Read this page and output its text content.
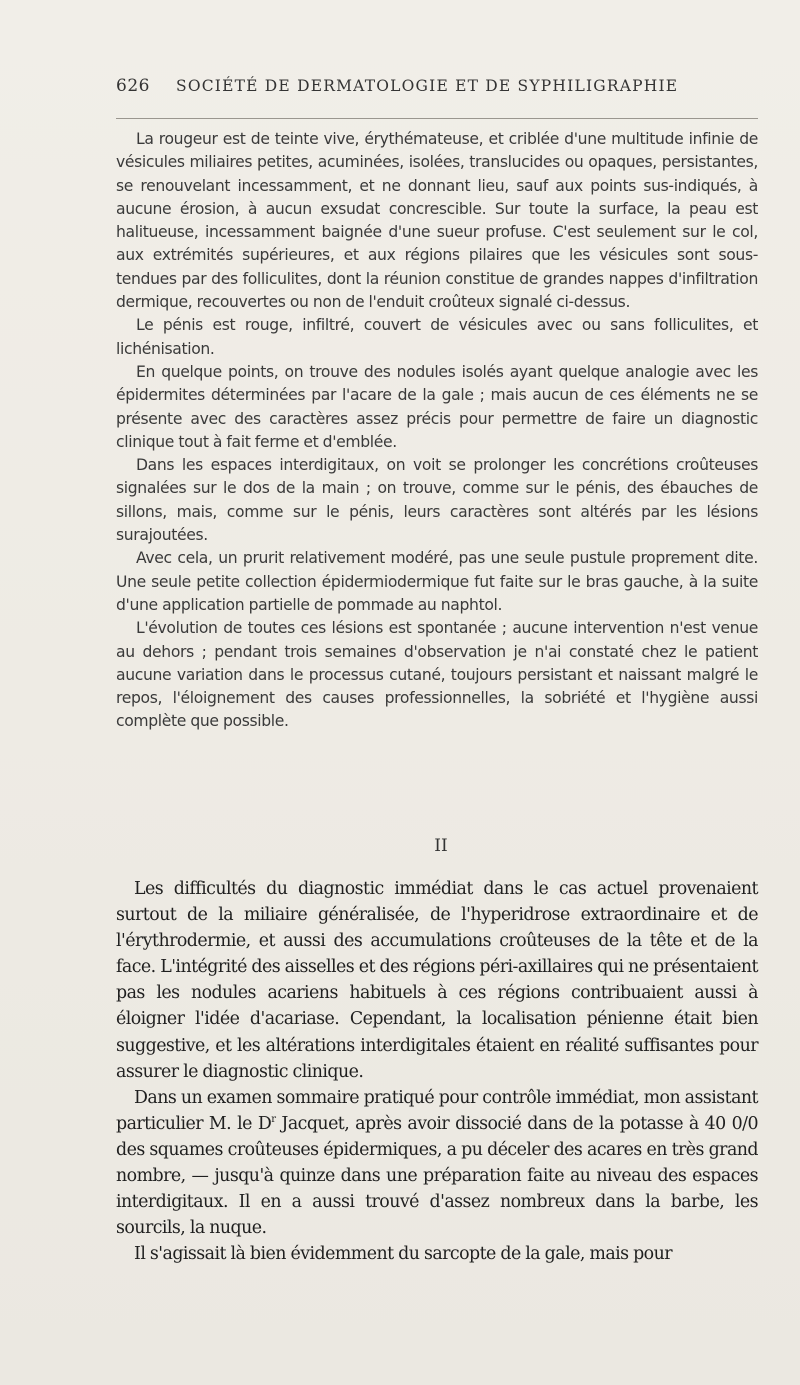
626 SOCIÉTÉ DE DERMATOLOGIE ET DE SYPHILIGRAPHIE

La rougeur est de teinte vive, érythémateuse, et criblée d'une multitude infinie de vésicules miliaires petites, acuminées, isolées, translucides ou opaques, persistantes, se renouvelant incessamment, et ne donnant lieu, sauf aux points sus-indiqués, à aucune érosion, à aucun exsudat concrescible. Sur toute la surface, la peau est halitueuse, incessamment baignée d'une sueur profuse. C'est seulement sur le col, aux extrémités supérieures, et aux régions pilaires que les vésicules sont sous-tendues par des folliculites, dont la réunion constitue de grandes nappes d'infiltration dermique, recouvertes ou non de l'enduit croûteux signalé ci-dessus.

Le pénis est rouge, infiltré, couvert de vésicules avec ou sans folliculites, et lichénisation.

En quelque points, on trouve des nodules isolés ayant quelque analogie avec les épidermites déterminées par l'acare de la gale ; mais aucun de ces éléments ne se présente avec des caractères assez précis pour permettre de faire un diagnostic clinique tout à fait ferme et d'emblée.

Dans les espaces interdigitaux, on voit se prolonger les concrétions croûteuses signalées sur le dos de la main ; on trouve, comme sur le pénis, des ébauches de sillons, mais, comme sur le pénis, leurs caractères sont altérés par les lésions surajoutées.

Avec cela, un prurit relativement modéré, pas une seule pustule proprement dite. Une seule petite collection épidermiodermique fut faite sur le bras gauche, à la suite d'une application partielle de pommade au naphtol.

L'évolution de toutes ces lésions est spontanée ; aucune intervention n'est venue au dehors ; pendant trois semaines d'observation je n'ai constaté chez le patient aucune variation dans le processus cutané, toujours persistant et naissant malgré le repos, l'éloignement des causes professionnelles, la sobriété et l'hygiène aussi complète que possible.

II

Les difficultés du diagnostic immédiat dans le cas actuel provenaient surtout de la miliaire généralisée, de l'hyperidrose extraordinaire et de l'érythrodermie, et aussi des accumulations croûteuses de la tête et de la face. L'intégrité des aisselles et des régions péri-axillaires qui ne présentaient pas les nodules acariens habituels à ces régions contribuaient aussi à éloigner l'idée d'acariase. Cependant, la localisation pénienne était bien suggestive, et les altérations interdigitales étaient en réalité suffisantes pour assurer le diagnostic clinique.

Dans un examen sommaire pratiqué pour contrôle immédiat, mon assistant particulier M. le $D^r$ Jacquet, après avoir dissocié dans de la potasse à 40 0/0 des squames croûteuses épidermiques, a pu déceler des acares en très grand nombre, — jusqu'à quinze dans une préparation faite au niveau des espaces interdigitaux. Il en a aussi trouvé d'assez nombreux dans la barbe, les sourcils, la nuque.

Il s'agissait là bien évidemment du sarcopte de la gale, mais pour
